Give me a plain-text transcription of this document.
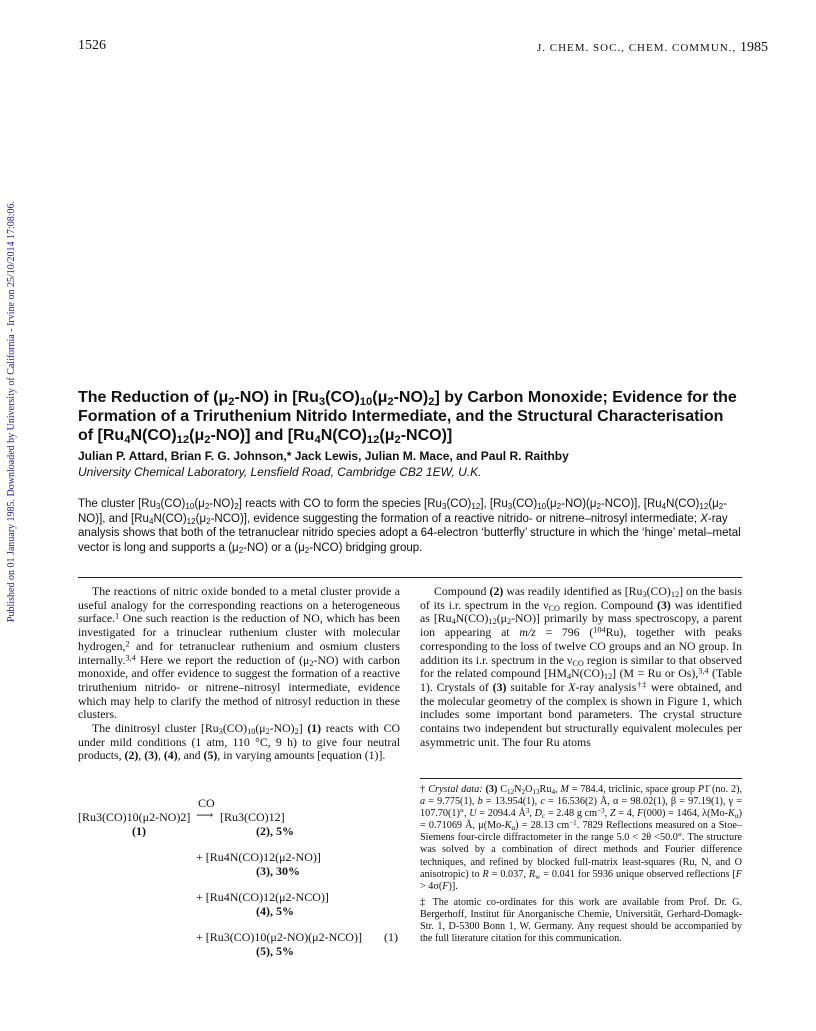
1526	J. CHEM. SOC., CHEM. COMMUN., 1985
Published on 01 January 1985. Downloaded by University of California - Irvine on 25/10/2014 17:08:06.	The Reduction of $(\mu_2-NO)$ in $[Ru_3(CO)_{10}(\mu_2-NO)_2]$ by Carbon Monoxide; Evidence for the Formation of a Triruthenium Nitrido Intermediate, and the Structural Characterisation of $[Ru_4N(CO)_{12}(\mu_2-NO)]$ and $[Ru_4N(CO)_{12}(\mu_2-NCO)]$
Julian P. Attard, Brian F. G. Johnson,* Jack Lewis, Julian M. Mace, and Paul R. Raithby
University Chemical Laboratory, Lensfield Road, Cambridge CB2 1EW, U.K.

The cluster $[Ru_3(CO)_{10}(\mu_2-NO)_2]$ reacts with CO to form the species $[Ru_3(CO)_{12}]$, $[Ru_3(CO)_{10}(\mu_2-NO)(\mu_2-NCO)]$, $[Ru_4N(CO)_{12}(\mu_2-NO)]$, and $[Ru_4N(CO)_{12}(\mu_2-NCO)]$, evidence suggesting the formation of a reactive nitrido- or nitrene–nitrosyl intermediate; X-ray analysis shows that both of the tetranuclear nitrido species adopt a 64-electron ‘butterfly’ structure in which the ‘hinge’ metal–metal vector is long and supports a $(\mu_2-NO)$ or a $(\mu_2-NCO)$ bridging group.

The reactions of nitric oxide bonded to a metal cluster provide a useful analogy for the corresponding reactions on a heterogeneous surface.$^1$ One such reaction is the reduction of NO, which has been investigated for a trinuclear ruthenium cluster with molecular hydrogen,$^2$ and for tetranuclear ruthenium and osmium clusters internally.$^{3,4}$ Here we report the reduction of $(\mu_2-NO)$ with carbon monoxide, and offer evidence to suggest the formation of a reactive triruthenium nitrido- or nitrene–nitrosyl intermediate, evidence which may help to clarify the method of nitrosyl reduction in these clusters.

The dinitrosyl cluster $[Ru_3(CO)_{10}(\mu_2-NO)_2]$ (1) reacts with CO under mild conditions (1 atm, 110 °C, 9 h) to give four neutral products, (2), (3), (4), and (5), in varying amounts [equation (1)].

CO
[Ru3(CO)10(μ2-NO)2] ⟶ [Ru3(CO)12]
(1)	(2), 5%
+ [Ru4N(CO)12(μ2-NO)]
(3), 30%
+ [Ru4N(CO)12(μ2-NCO)]
(4), 5%
+ [Ru3(CO)10(μ2-NO)(μ2-NCO)]
(5), 5%
(1)

Compound (2) was readily identified as $[Ru_3(CO)_{12}]$ on the basis of its i.r. spectrum in the $\nu_{CO}$ region. Compound (3) was identified as $[Ru_4N(CO)_{12}(\mu_2-NO)]$ primarily by mass spectroscopy, a parent ion appearing at m/z = 796 ($^{104}$Ru), together with peaks corresponding to the loss of twelve CO groups and an NO group. In addition its i.r. spectrum in the $\nu_{CO}$ region is similar to that observed for the related compound $[HM_4N(CO)_{12}] (M = Ru$ or Os),$^{3,4}$ (Table 1). Crystals of (3) suitable for X-ray analysis†‡ were obtained, and the molecular geometry of the complex is shown in Figure 1, which includes some important bond parameters. The crystal structure contains two independent but structurally equivalent molecules per asymmetric unit. The four Ru atoms

† Crystal data: (3) $C_{12}N_2O_{13}Ru_4$, M = 784.4, triclinic, space group P1̄ (no. 2), a = 9.775(1), b = 13.954(1), c = 16.536(2) Å, α = 98.02(1), β = 97.19(1), γ = 107.70(1)°, U = 2094.4 $Å^3$, $D_c = 2.48$ g $cm^{-3}$, Z = 4, F(000) = 1464, $\lambda(Mo-K_\alpha) = 0.71069$ Å, $\mu(Mo-K_\alpha) = 28.13$ $cm^{-1}$. 7829 Reflections measured on a Stoe–Siemens four-circle diffractometer in the range 5.0 < 2θ <50.0°. The structure was solved by a combination of direct methods and Fourier difference techniques, and refined by blocked full-matrix least-squares (Ru, N, and O anisotropic) to R = 0.037, $R_w = 0.041$ for 5936 unique observed reflections [F > 4σ(F)].

‡ The atomic co-ordinates for this work are available from Prof. Dr. G. Bergerhoff, Institut für Anorganische Chemie, Universität, Gerhard-Domagk-Str. 1, D-5300 Bonn 1, W. Germany. Any request should be accompanied by the full literature citation for this communication.
